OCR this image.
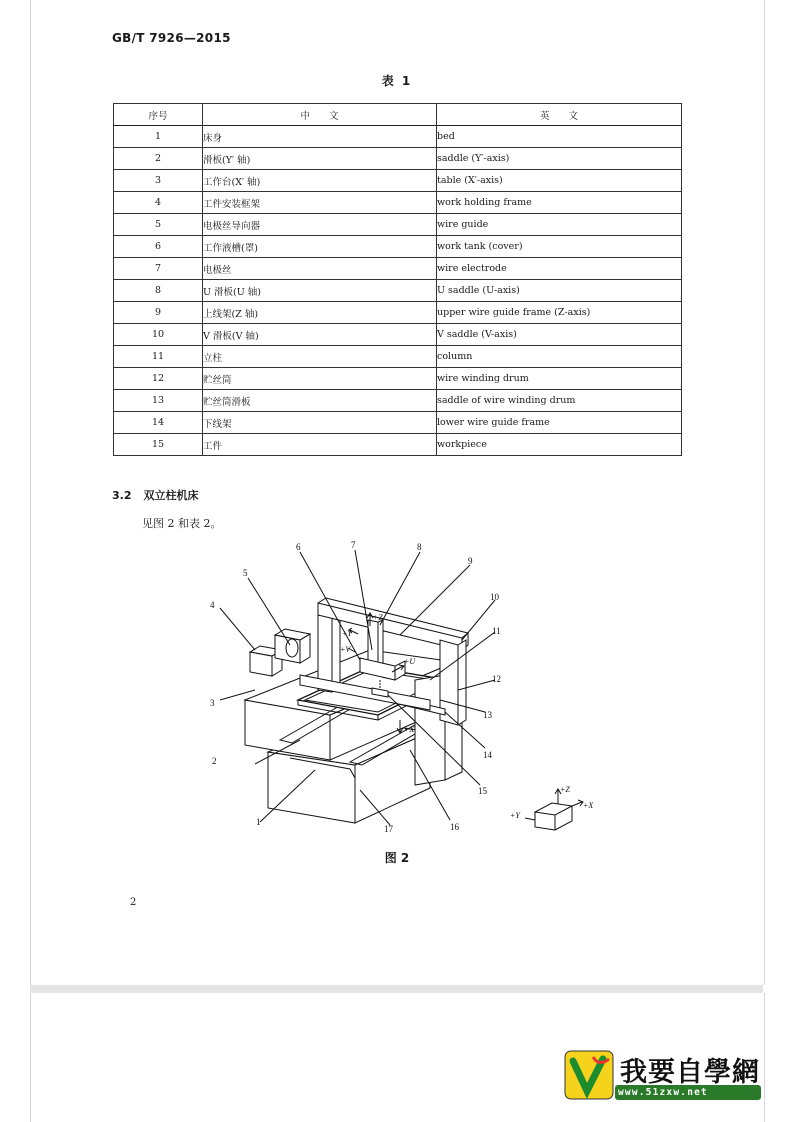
GB/T 7926—2015
表 1
序号	中　　文	英　　文
1	床身	bed
2	滑板(Y′ 轴)	saddle (Y′-axis)
3	工作台(X′ 轴)	table (X′-axis)
4	工件安装框架	work holding frame
5	电极丝导向器	wire guide
6	工作液槽(罩)	work tank (cover)
7	电极丝	wire electrode
8	U 滑板(U 轴)	U saddle (U-axis)
9	上线架(Z 轴)	upper wire guide frame (Z-axis)
10	V 滑板(V 轴)	V saddle (V-axis)
11	立柱	column
12	贮丝筒	wire winding drum
13	贮丝筒滑板	saddle of wire winding drum
14	下线架	lower wire guide frame
15	工件	workpiece
3.2 双立柱机床
见图 2 和表 2。
1
2
3
4
5
6	7	8
9
10
11
12
13
14
15
16
17
+Z
+U
+X
+Y
+V
+Z
+X
+Y
图 2
2
我要自學網
www.51zxw.net
